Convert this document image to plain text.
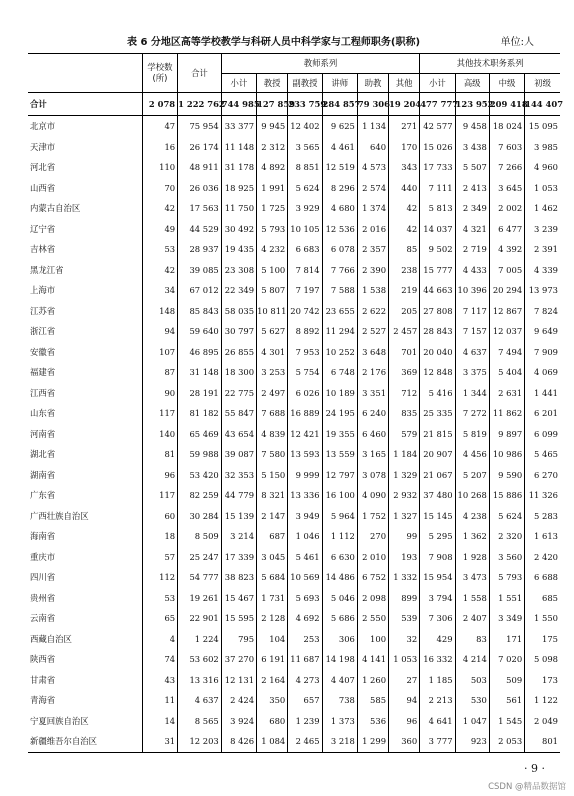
表 6 分地区高等学校教学与科研人员中科学家与工程师职务(职称)	单位:人
	学校数(所)	合计	教师系列						其他技术职务系列			
			小计	教授	副教授	讲师	助教	其他	小计	高级	中级	初级
合计	2 078	1 222 762	744 985	127 859	233 759	284 857	79 306	19 204	477 777	123 952	209 418	144 407
北京市	47	75 954	33 377	9 945	12 402	9 625	1 134	271	42 577	9 458	18 024	15 095
天津市	16	26 174	11 148	2 312	3 565	4 461	640	170	15 026	3 438	7 603	3 985
河北省	110	48 911	31 178	4 892	8 851	12 519	4 573	343	17 733	5 507	7 266	4 960
山西省	70	26 036	18 925	1 991	5 624	8 296	2 574	440	7 111	2 413	3 645	1 053
内蒙古自治区	42	17 563	11 750	1 725	3 929	4 680	1 374	42	5 813	2 349	2 002	1 462
辽宁省	49	44 529	30 492	5 793	10 105	12 536	2 016	42	14 037	4 321	6 477	3 239
吉林省	53	28 937	19 435	4 232	6 683	6 078	2 357	85	9 502	2 719	4 392	2 391
黑龙江省	42	39 085	23 308	5 100	7 814	7 766	2 390	238	15 777	4 433	7 005	4 339
上海市	34	67 012	22 349	5 807	7 197	7 588	1 538	219	44 663	10 396	20 294	13 973
江苏省	148	85 843	58 035	10 811	20 742	23 655	2 622	205	27 808	7 117	12 867	7 824
浙江省	94	59 640	30 797	5 627	8 892	11 294	2 527	2 457	28 843	7 157	12 037	9 649
安徽省	107	46 895	26 855	4 301	7 953	10 252	3 648	701	20 040	4 637	7 494	7 909
福建省	87	31 148	18 300	3 253	5 754	6 748	2 176	369	12 848	3 375	5 404	4 069
江西省	90	28 191	22 775	2 497	6 026	10 189	3 351	712	5 416	1 344	2 631	1 441
山东省	117	81 182	55 847	7 688	16 889	24 195	6 240	835	25 335	7 272	11 862	6 201
河南省	140	65 469	43 654	4 839	12 421	19 355	6 460	579	21 815	5 819	9 897	6 099
湖北省	81	59 988	39 087	7 580	13 593	13 559	3 165	1 184	20 907	4 456	10 986	5 465
湖南省	96	53 420	32 353	5 150	9 999	12 797	3 078	1 329	21 067	5 207	9 590	6 270
广东省	117	82 259	44 779	8 321	13 336	16 100	4 090	2 932	37 480	10 268	15 886	11 326
广西壮族自治区	60	30 284	15 139	2 147	3 949	5 964	1 752	1 327	15 145	4 238	5 624	5 283
海南省	18	8 509	3 214	687	1 046	1 112	270	99	5 295	1 362	2 320	1 613
重庆市	57	25 247	17 339	3 045	5 461	6 630	2 010	193	7 908	1 928	3 560	2 420
四川省	112	54 777	38 823	5 684	10 569	14 486	6 752	1 332	15 954	3 473	5 793	6 688
贵州省	53	19 261	15 467	1 731	5 693	5 046	2 098	899	3 794	1 558	1 551	685
云南省	65	22 901	15 595	2 128	4 692	5 686	2 550	539	7 306	2 407	3 349	1 550
西藏自治区	4	1 224	795	104	253	306	100	32	429	83	171	175
陕西省	74	53 602	37 270	6 191	11 687	14 198	4 141	1 053	16 332	4 214	7 020	5 098
甘肃省	43	13 316	12 131	2 164	4 273	4 407	1 260	27	1 185	503	509	173
青海省	11	4 637	2 424	350	657	738	585	94	2 213	530	561	1 122
宁夏回族自治区	14	8 565	3 924	680	1 239	1 373	536	96	4 641	1 047	1 545	2 049
新疆维吾尔自治区	31	12 203	8 426	1 084	2 465	3 218	1 299	360	3 777	923	2 053	801
· 9 ·
CSDN @精品数据馆
